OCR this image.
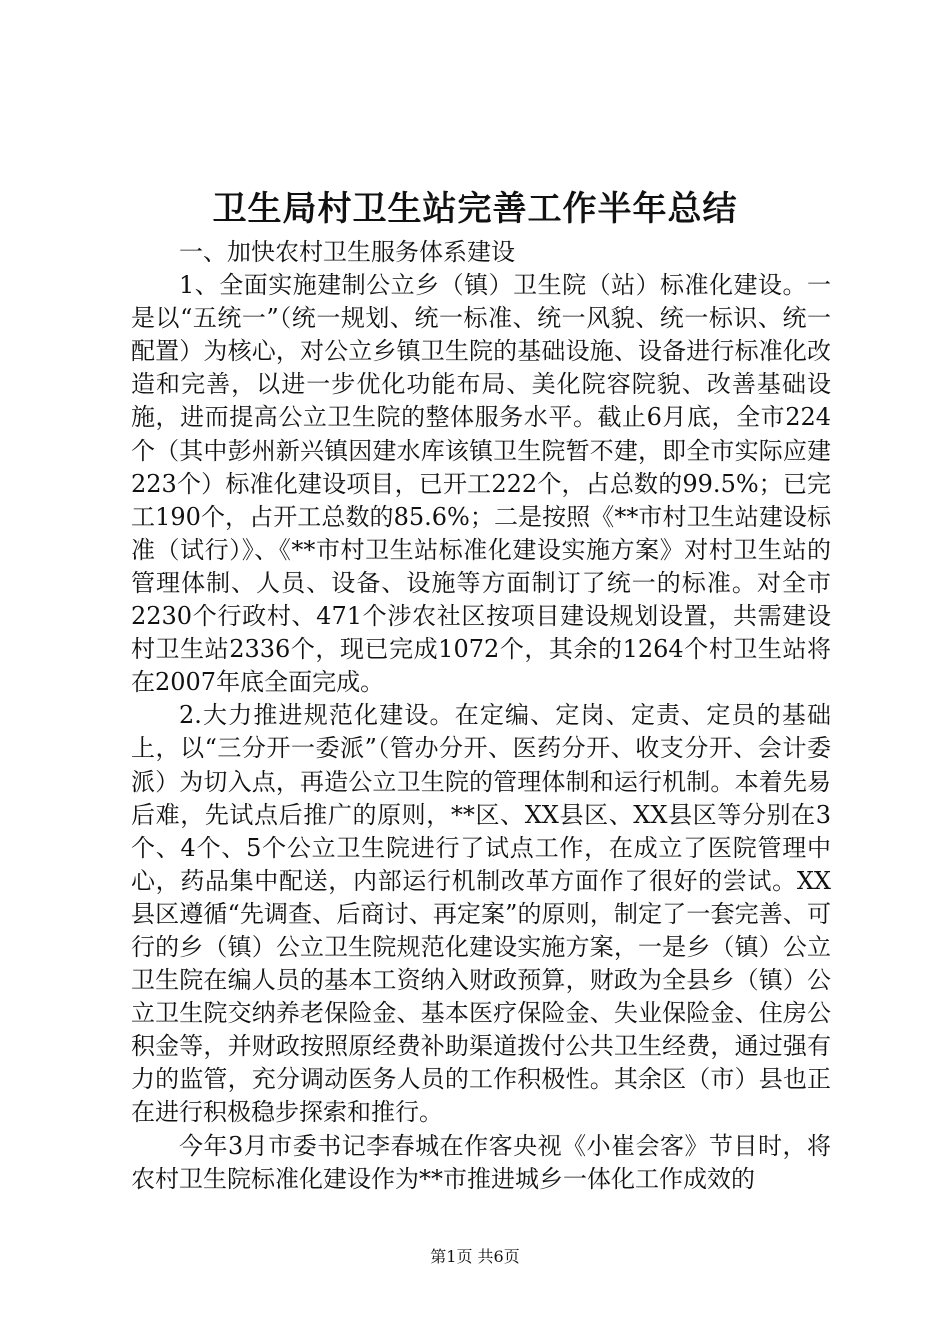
卫生局村卫生站完善工作半年总结

一、加快农村卫生服务体系建设

1、全面实施建制公立乡（镇）卫生院（站）标准化建设。一是以“五统一”（统一规划、统一标准、统一风貌、统一标识、统一配置）为核心，对公立乡镇卫生院的基础设施、设备进行标准化改造和完善，以进一步优化功能布局、美化院容院貌、改善基础设施，进而提高公立卫生院的整体服务水平。截止6月底，全市224个（其中彭州新兴镇因建水库该镇卫生院暂不建，即全市实际应建223个）标准化建设项目，已开工222个，占总数的99.5%；已完工190个，占开工总数的85.6%；二是按照《**市村卫生站建设标准（试行）》、《**市村卫生站标准化建设实施方案》对村卫生站的管理体制、人员、设备、设施等方面制订了统一的标准。对全市2230个行政村、471个涉农社区按项目建设规划设置，共需建设村卫生站2336个，现已完成1072个，其余的1264个村卫生站将在2007年底全面完成。

2.大力推进规范化建设。在定编、定岗、定责、定员的基础上，以“三分开一委派”（管办分开、医药分开、收支分开、会计委派）为切入点，再造公立卫生院的管理体制和运行机制。本着先易后难，先试点后推广的原则，**区、XX县区、XX县区等分别在3个、4个、5个公立卫生院进行了试点工作，在成立了医院管理中心，药品集中配送，内部运行机制改革方面作了很好的尝试。XX县区遵循“先调查、后商讨、再定案”的原则，制定了一套完善、可行的乡（镇）公立卫生院规范化建设实施方案，一是乡（镇）公立卫生院在编人员的基本工资纳入财政预算，财政为全县乡（镇）公立卫生院交纳养老保险金、基本医疗保险金、失业保险金、住房公积金等，并财政按照原经费补助渠道拨付公共卫生经费，通过强有力的监管，充分调动医务人员的工作积极性。其余区（市）县也正在进行积极稳步探索和推行。

今年3月市委书记李春城在作客央视《小崔会客》节目时，将农村卫生院标准化建设作为**市推进城乡一体化工作成效的

第1页 共6页
